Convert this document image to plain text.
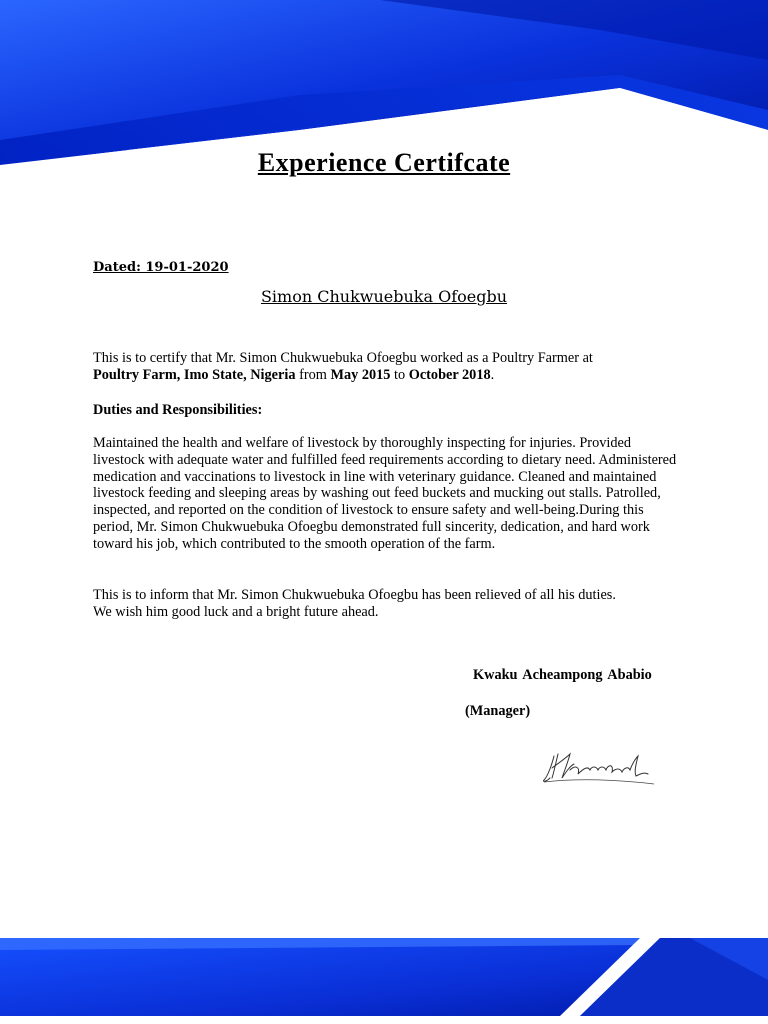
Experience Certifcate
Dated: 19-01-2020
Simon Chukwuebuka Ofoegbu
This is to certify that Mr. Simon Chukwuebuka Ofoegbu worked as a Poultry Farmer at
Poultry Farm, Imo State, Nigeria from May 2015 to October 2018.
Duties and Responsibilities:
Maintained the health and welfare of livestock by thoroughly inspecting for injuries. Provided livestock with adequate water and fulfilled feed requirements according to dietary need. Administered medication and vaccinations to livestock in line with veterinary guidance. Cleaned and maintained livestock feeding and sleeping areas by washing out feed buckets and mucking out stalls. Patrolled, inspected, and reported on the condition of livestock to ensure safety and well-being.During this period, Mr. Simon Chukwuebuka Ofoegbu demonstrated full sincerity, dedication, and hard work toward his job, which contributed to the smooth operation of the farm.
This is to inform that Mr. Simon Chukwuebuka Ofoegbu has been relieved of all his duties.
We wish him good luck and a bright future ahead.
Kwaku Acheampong Ababio
(Manager)
